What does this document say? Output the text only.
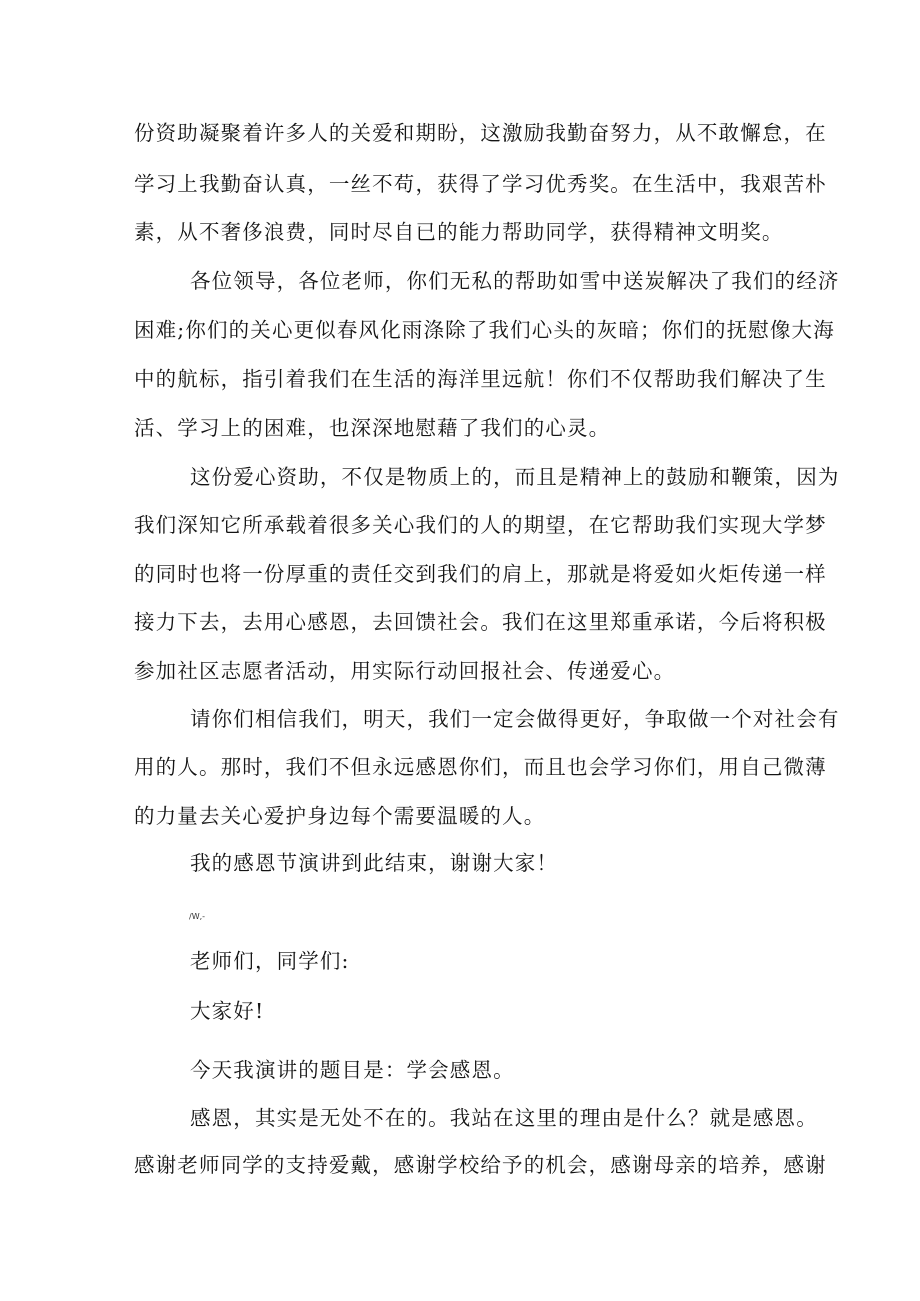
份资助凝聚着许多人的关爱和期盼，这激励我勤奋努力，从不敢懈怠，在
学习上我勤奋认真，一丝不苟，获得了学习优秀奖。在生活中，我艰苦朴
素，从不奢侈浪费，同时尽自已的能力帮助同学，获得精神文明奖。
各位领导，各位老师，你们无私的帮助如雪中送炭解决了我们的经济
困难;你们的关心更似春风化雨涤除了我们心头的灰暗；你们的抚慰像大海
中的航标，指引着我们在生活的海洋里远航！你们不仅帮助我们解决了生
活、学习上的困难，也深深地慰藉了我们的心灵。
这份爱心资助，不仅是物质上的，而且是精神上的鼓励和鞭策，因为
我们深知它所承载着很多关心我们的人的期望，在它帮助我们实现大学梦
的同时也将一份厚重的责任交到我们的肩上，那就是将爱如火炬传递一样
接力下去，去用心感恩，去回馈社会。我们在这里郑重承诺，今后将积极
参加社区志愿者活动，用实际行动回报社会、传递爱心。
请你们相信我们，明天，我们一定会做得更好，争取做一个对社会有
用的人。那时，我们不但永远感恩你们，而且也会学习你们，用自己微薄
的力量去关心爱护身边每个需要温暖的人。
我的感恩节演讲到此结束，谢谢大家！
/W,-
老师们，同学们:
大家好!
今天我演讲的题目是：学会感恩。
感恩，其实是无处不在的。我站在这里的理由是什么？就是感恩。
感谢老师同学的支持爱戴，感谢学校给予的机会，感谢母亲的培养，感谢
